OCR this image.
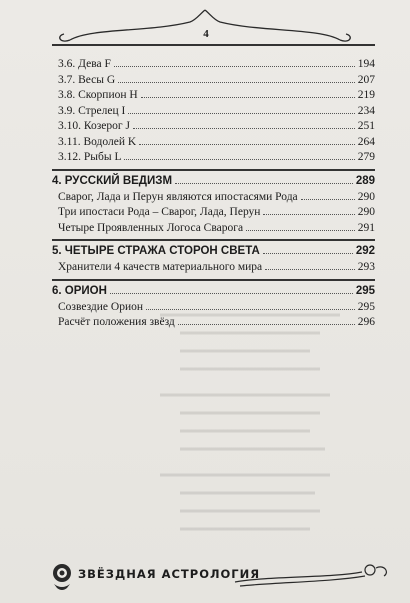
4
3.6. Дева F	194
3.7. Весы G	207
3.8. Скорпион H	219
3.9. Стрелец I	234
3.10. Козерог J	251
3.11. Водолей K	264
3.12. Рыбы L	279
4. РУССКИЙ ВЕДИЗМ	289
Сварог, Лада и Перун являются ипостасями Рода	290
Три ипостаси Рода – Сварог, Лада, Перун	290
Четыре Проявленных Логоса Сварога	291
5. ЧЕТЫРЕ СТРАЖА СТОРОН СВЕТА	292
Хранители 4 качеств материального мира	293
6. ОРИОН	295
Созвездие Орион	295
Расчёт положения звёзд	296
ЗВЁЗДНАЯ АСТРОЛОГИЯ
